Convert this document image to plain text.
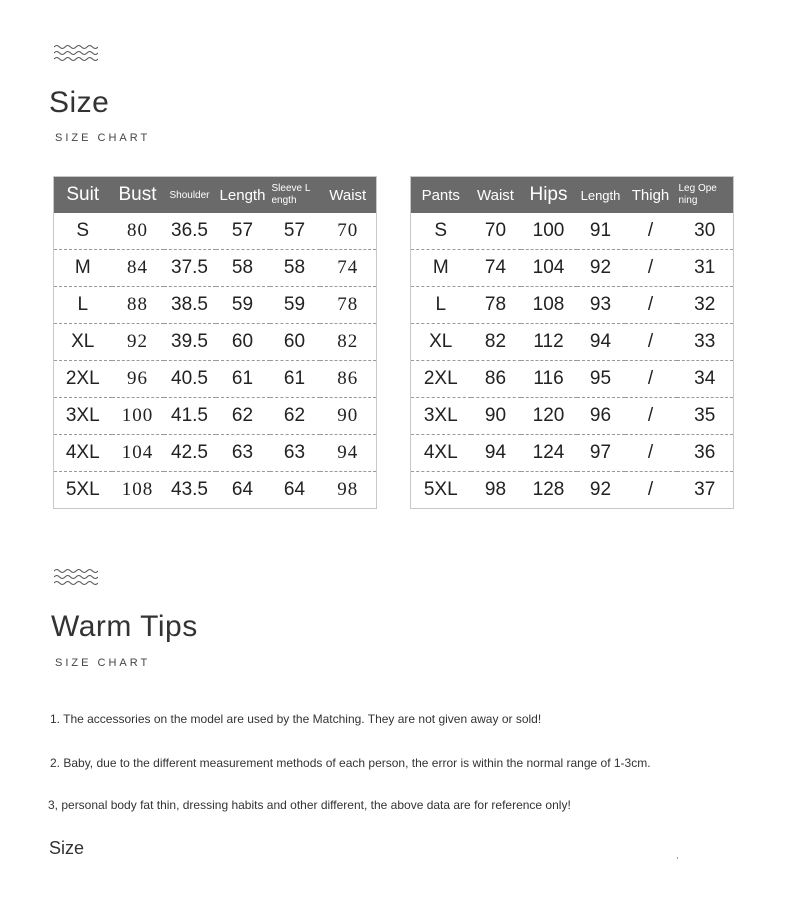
Size
SIZE CHART
Suit	Bust	Shoulder	Length	Sleeve L ength	Waist
S	80	36.5	57	57	70
M	84	37.5	58	58	74
L	88	38.5	59	59	78
XL	92	39.5	60	60	82
2XL	96	40.5	61	61	86
3XL	100	41.5	62	62	90
4XL	104	42.5	63	63	94
5XL	108	43.5	64	64	98
Pants	Waist	Hips	Length	Thigh	Leg Ope ning
S	70	100	91	/	30
M	74	104	92	/	31
L	78	108	93	/	32
XL	82	112	94	/	33
2XL	86	116	95	/	34
3XL	90	120	96	/	35
4XL	94	124	97	/	36
5XL	98	128	92	/	37
Warm Tips
SIZE CHART

1. The accessories on the model are used by the Matching. They are not given away or sold!

2. Baby, due to the different measurement methods of each person, the error is within the normal range of 1-3cm.

3, personal body fat thin, dressing habits and other different, the above data are for reference only!

Size	,
